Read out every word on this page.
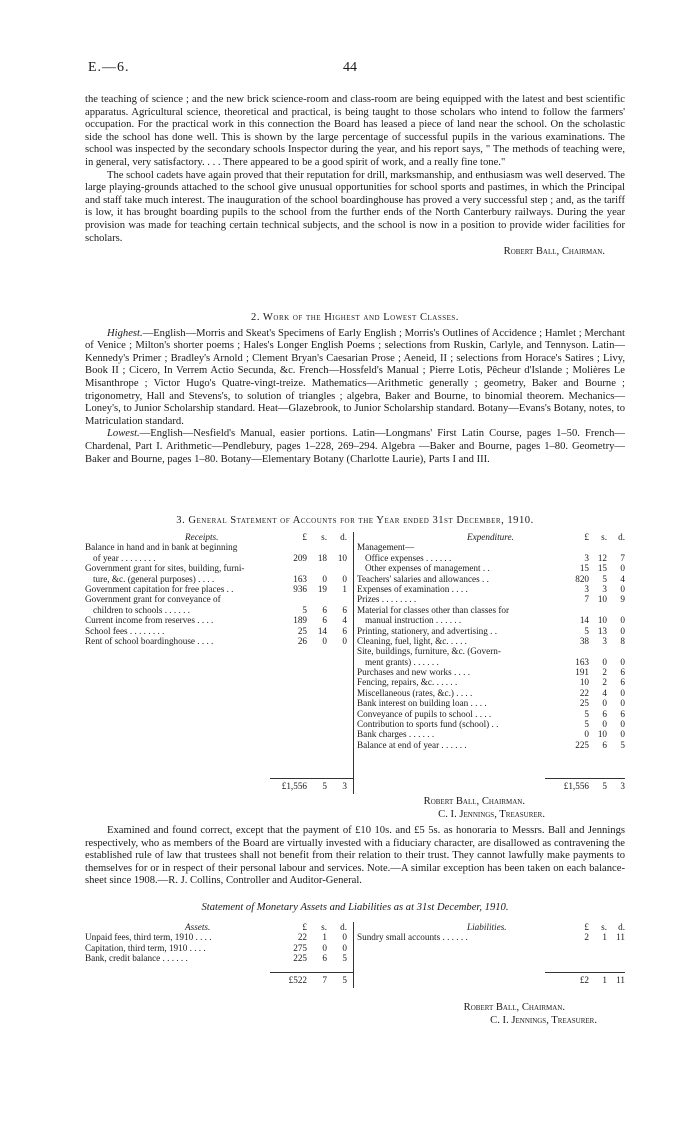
E.—6.	44

the teaching of science ; and the new brick science-room and class-room are being equipped with the latest and best scientific apparatus. Agricultural science, theoretical and practical, is being taught to those scholars who intend to follow the farmers' occupation. For the practical work in this connection the Board has leased a piece of land near the school. On the scholastic side the school has done well. This is shown by the large percentage of successful pupils in the various examinations. The school was inspected by the secondary schools Inspector during the year, and his report says, " The methods of teaching were, in general, very satisfactory. . . . There appeared to be a good spirit of work, and a really fine tone."

The school cadets have again proved that their reputation for drill, marksmanship, and enthusiasm was well deserved. The large playing-grounds attached to the school give unusual opportunities for school sports and pastimes, in which the Principal and staff take much interest. The inauguration of the school boardinghouse has proved a very successful step ; and, as the tariff is low, it has brought boarding pupils to the school from the further ends of the North Canterbury railways. During the year provision was made for teaching certain technical subjects, and the school is now in a position to provide wider facilities for scholars.

Robert Ball, Chairman.

2. Work of the Highest and Lowest Classes.

Highest.—English—Morris and Skeat's Specimens of Early English ; Morris's Outlines of Accidence ; Hamlet ; Merchant of Venice ; Milton's shorter poems ; Hales's Longer English Poems ; selections from Ruskin, Carlyle, and Tennyson. Latin—Kennedy's Primer ; Bradley's Arnold ; Clement Bryan's Caesarian Prose ; Aeneid, II ; selections from Horace's Satires ; Livy, Book II ; Cicero, In Verrem Actio Secunda, &c. French—Hossfeld's Manual ; Pierre Lotis, Pêcheur d'Islande ; Molières Le Misanthrope ; Victor Hugo's Quatre-vingt-treize. Mathematics—Arithmetic generally ; geometry, Baker and Bourne ; trigonometry, Hall and Stevens's, to solution of triangles ; algebra, Baker and Bourne, to binomial theorem. Mechanics—Loney's, to Junior Scholarship standard. Heat—Glazebrook, to Junior Scholarship standard. Botany—Evans's Botany, notes, to Matriculation standard.

Lowest.—English—Nesfield's Manual, easier portions. Latin—Longmans' First Latin Course, pages 1–50. French—Chardenal, Part I. Arithmetic—Pendlebury, pages 1–228, 269–294. Algebra —Baker and Bourne, pages 1–80. Geometry—Baker and Bourne, pages 1–80. Botany—Elementary Botany (Charlotte Laurie), Parts I and III.

3. General Statement of Accounts for the Year ended 31st December, 1910.

Receipts.	£	s.	d.
Balance in hand and in bank at beginning
of year . . . . . . . .	209	18	10
Government grant for sites, building, furni-
ture, &c. (general purposes) . . . .	163	0	0
Government capitation for free places . .	936	19	1
Government grant for conveyance of
children to schools . . . . . .	5	6	6
Current income from reserves . . . .	189	6	4
School fees . . . . . . . .	25	14	6
Rent of school boardinghouse . . . .	26	0	0
Expenditure.	£	s.	d.
Management—
Office expenses . . . . . .	3 12	7
Other expenses of management . .	15 15	0
Teachers' salaries and allowances . .	820	5	4
Expenses of examination . . . .	3	3	0
Prizes . . . . . . . .	7 10	9
Material for classes other than classes for
manual instruction . . . . . .	14 10	0
Printing, stationery, and advertising . .	5 13	0
Cleaning, fuel, light, &c. . . . .	38	3	8
Site, buildings, furniture, &c. (Govern-
ment grants) . . . . . .	163	0	0
Purchases and new works . . . .	191	2	6
Fencing, repairs, &c. . . . . .	10	2	6
Miscellaneous (rates, &c.) . . . .	22	4	0
Bank interest on building loan . . . .	25	0	0
Conveyance of pupils to school . . . .	5	6	6
Contribution to sports fund (school) . .	5	0	0
Bank charges . . . . . .	0 10	0
Balance at end of year . . . . . .	225	6	5
£1,556	5	3	£1,556	5	3

Robert Ball, Chairman.

C. I. Jennings, Treasurer.

Examined and found correct, except that the payment of £10 10s. and £5 5s. as honoraria to Messrs. Ball and Jennings respectively, who as members of the Board are virtually invested with a fiduciary character, are disallowed as contravening the established rule of law that trustees shall not benefit from their relation to their trust. They cannot lawfully make payments to themselves for or in respect of their personal labour and services. Note.—A similar exception has been taken on each balance-sheet since 1908.—R. J. Collins, Controller and Auditor-General.

Statement of Monetary Assets and Liabilities as at 31st December, 1910.

Assets.	£	s.	d.
Unpaid fees, third term, 1910 . . . .	22	1	0
Capitation, third term, 1910 . . . .	275	0	0
Bank, credit balance . . . . . .	225	6	5
Liabilities.	£	s.	d.
Sundry small accounts . . . . . .	2	1 11
£522	7	5	£2	1 11

Robert Ball, Chairman.

C. I. Jennings, Treasurer.
